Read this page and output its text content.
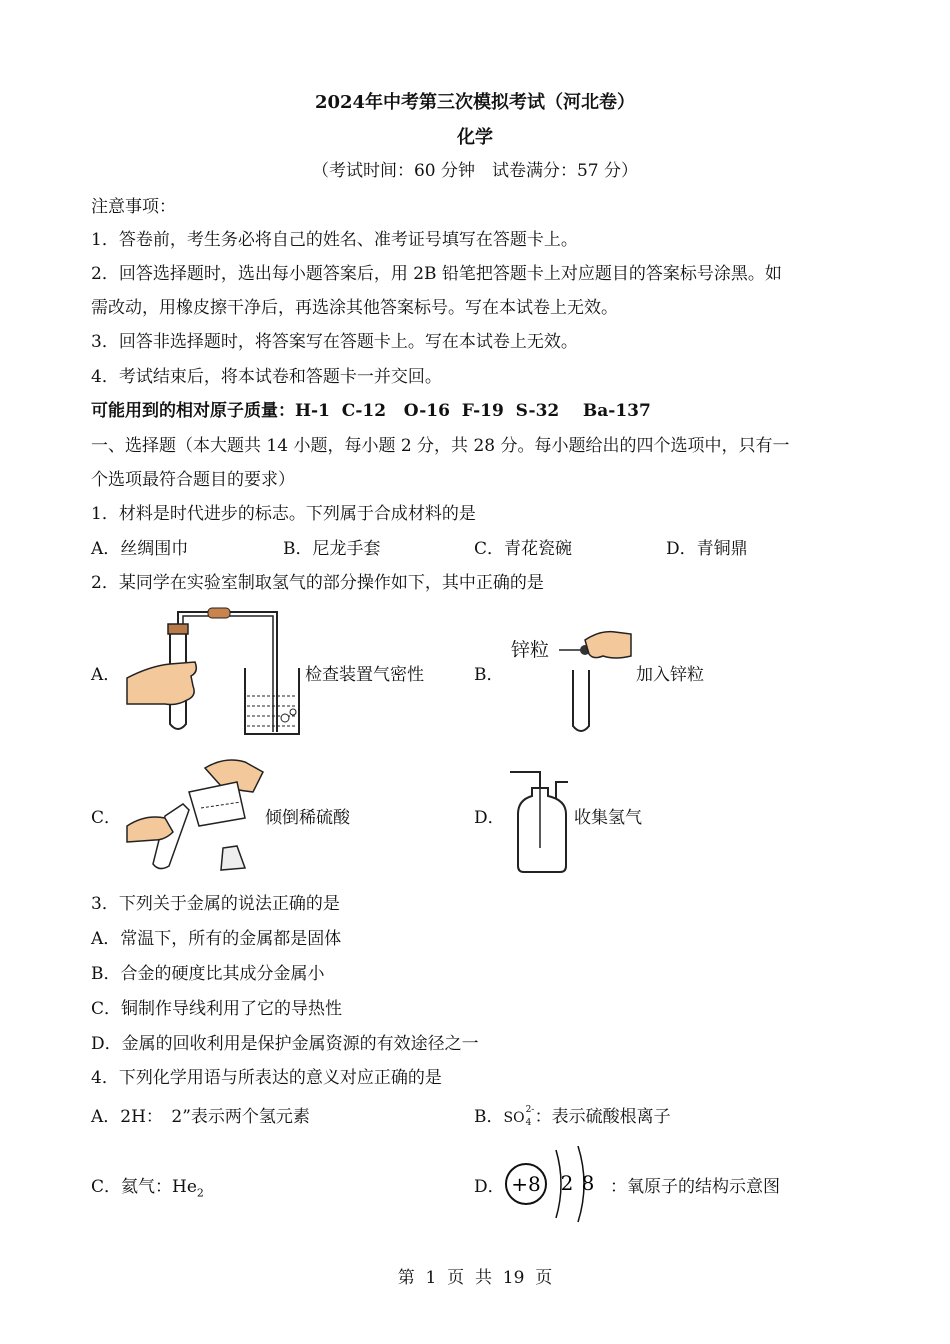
2024年中考第三次模拟考试（河北卷）
化学
（考试时间：60 分钟　试卷满分：57 分）
注意事项：
1．答卷前，考生务必将自己的姓名、准考证号填写在答题卡上。
2．回答选择题时，选出每小题答案后，用 2B 铅笔把答题卡上对应题目的答案标号涂黑。如
需改动，用橡皮擦干净后，再选涂其他答案标号。写在本试卷上无效。
3．回答非选择题时，将答案写在答题卡上。写在本试卷上无效。
4．考试结束后，将本试卷和答题卡一并交回。
可能用到的相对原子质量：H-1  C-12   O-16  F-19  S-32    Ba-137
一、选择题（本大题共 14 小题，每小题 2 分，共 28 分。每小题给出的四个选项中，只有一
个选项最符合题目的要求）
1．材料是时代进步的标志。下列属于合成材料的是
A．丝绸围巾	B．尼龙手套	C．青花瓷碗	D．青铜鼎
2．某同学在实验室制取氢气的部分操作如下，其中正确的是
A．	检查装置气密性	B．
锌粒
加入锌粒
C．	倾倒稀硫酸	D．	收集氢气
3．下列关于金属的说法正确的是
A．常温下，所有的金属都是固体
B．合金的硬度比其成分金属小
C．铜制作导线利用了它的导热性
D．金属的回收利用是保护金属资源的有效途径之一
4．下列化学用语与所表达的意义对应正确的是
A．2H：　2”表示两个氢元素	B．SO 2-
4 ：表示硫酸根离子
C．氦气：$He_2$	D． +8 2 8 ：氧原子的结构示意图
第  1  页  共  19  页
